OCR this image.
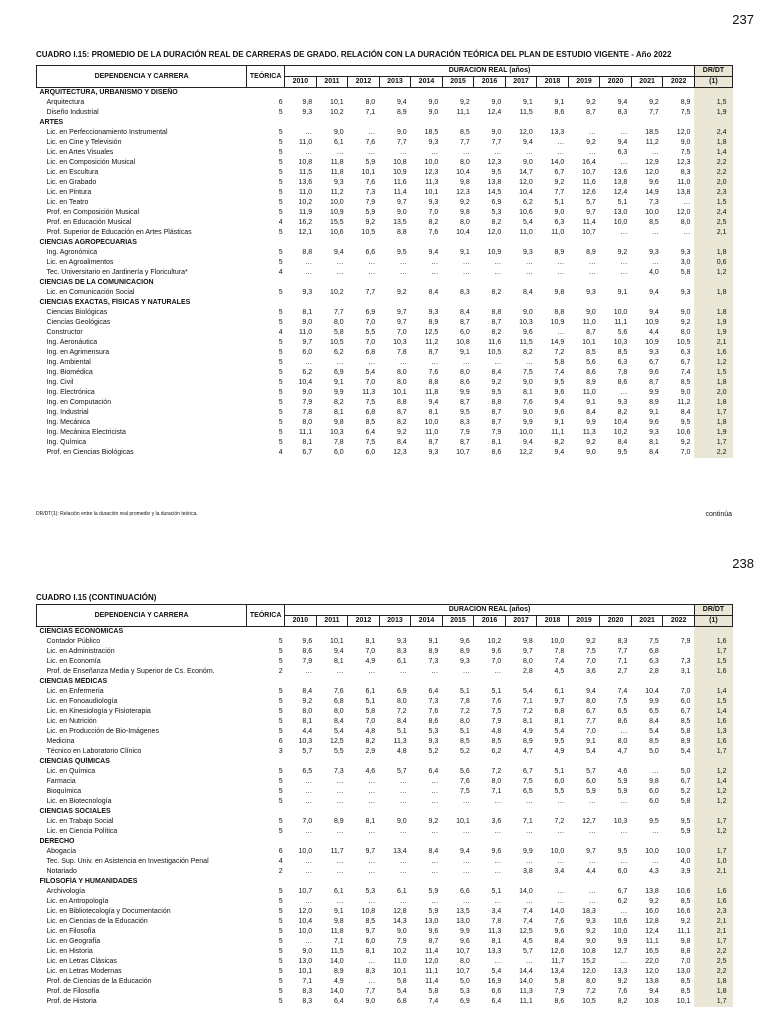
237
CUADRO I.15: PROMEDIO DE LA DURACIÓN REAL DE CARRERAS DE GRADO. RELACIÓN CON LA DURACIÓN TEÓRICA DEL PLAN DE ESTUDIO VIGENTE - Año 2022
DEPENDENCIA Y CARRERA	TEÓRICA	DURACIÓN REAL (años)													DR/DT
		2010	2011	2012	2013	2014	2015	2016	2017	2018	2019	2020	2021	2022	(1)
ARQUITECTURA, URBANISMO Y DISEÑO															
Arquitectura	6	9,8	10,1	8,0	9,4	9,0	9,2	9,0	9,1	9,1	9,2	9,4	9,2	8,9	1,5
Diseño Industrial	5	9,3	10,2	7,1	8,9	9,0	11,1	12,4	11,5	8,6	8,7	8,3	7,7	7,5	1,9
ARTES															
Lic. en Perfeccionamiento Instrumental	5	…	9,0	…	9,0	18,5	8,5	9,0	12,0	13,3	…	…	18,5	12,0	2,4
Lic. en Cine y Televisión	5	11,0	6,1	7,6	7,7	9,3	7,7	7,7	9,4	…	9,2	9,4	11,2	9,0	1,8
Lic. en Artes Visuales	5	…	…	…	…	…	…	…	…	…	…	6,3	…	7,5	1,4
Lic. en Composición Musical	5	10,8	11,8	5,9	10,8	10,0	8,0	12,3	9,0	14,0	16,4	…	12,9	12,3	2,2
Lic. en Escultura	5	11,5	11,8	10,1	10,9	12,3	10,4	9,5	14,7	6,7	10,7	13,6	12,0	8,3	2,2
Lic. en Grabado	5	13,6	9,3	7,6	11,6	11,3	9,8	13,8	12,0	9,2	11,6	13,8	9,6	11,0	2,0
Lic. en Pintura	5	11,0	11,2	7,3	11,4	10,1	12,3	14,5	10,4	7,7	12,6	12,4	14,9	13,8	2,3
Lic. en Teatro	5	10,2	10,0	7,9	9,7	9,3	9,2	6,9	6,2	5,1	5,7	5,1	7,3	…	1,5
Prof. en Composición Musical	5	11,9	10,9	5,9	9,0	7,0	9,8	5,3	10,6	9,0	9,7	13,0	10,0	12,0	2,4
Prof. en Educación Musical	4	16,2	15,5	9,2	13,5	8,2	8,0	8,2	5,4	6,3	11,4	10,0	8,5	8,0	2,5
Prof. Superior de Educación en Artes Plásticas	5	12,1	10,6	10,5	8,8	7,6	10,4	12,0	11,0	11,0	10,7	…	…	…	2,1
CIENCIAS AGROPECUARIAS															
Ing. Agronómica	5	8,8	9,4	6,6	9,5	9,4	9,1	10,9	9,3	8,9	8,9	9,2	9,3	9,3	1,8
Lic. en Agroalimentos	5	…	…	…	…	…	…	…	…	…	…	…	…	3,0	0,6
Tec. Universitario en Jardinería y Floricultura*	4	…	…	…	…	…	…	…	…	…	…	…	4,0	5,8	1,2
CIENCIAS DE LA COMUNICACIÓN															
Lic. en Comunicación Social	5	9,3	10,2	7,7	9,2	8,4	8,3	8,2	8,4	9,8	9,3	9,1	9,4	9,3	1,8
CIENCIAS EXACTAS, FÍSICAS Y NATURALES															
Ciencias Biológicas	5	8,1	7,7	6,9	9,7	9,3	8,4	8,8	9,0	8,8	9,0	10,0	9,4	9,0	1,8
Ciencias Geológicas	5	9,0	8,0	7,0	9,7	8,9	8,7	8,7	10,3	10,9	11,0	11,1	10,9	9,2	1,9
Constructor	4	11,0	5,8	5,5	7,0	12,5	6,0	8,2	9,6	…	8,7	5,6	4,4	8,0	1,9
Ing. Aeronáutica	5	9,7	10,5	7,0	10,3	11,2	10,8	11,6	11,5	14,9	10,1	10,3	10,9	10,5	2,1
Ing. en Agrimensura	5	6,0	6,2	6,8	7,8	8,7	9,1	10,5	8,2	7,2	8,5	8,5	9,3	6,3	1,6
Ing. Ambiental	5	…	…	…	…	…	…	…	…	5,8	5,6	6,3	6,7	6,7	1,2
Ing. Biomédica	5	6,2	6,9	5,4	8,0	7,6	8,0	8,4	7,5	7,4	8,6	7,8	9,6	7,4	1,5
Ing. Civil	5	10,4	9,1	7,0	8,0	8,8	8,6	9,2	9,0	9,5	8,9	8,6	8,7	8,5	1,8
Ing. Electrónica	5	9,0	9,9	11,3	10,1	11,8	9,9	9,5	8,1	9,6	11,0	…	9,9	9,0	2,0
Ing. en Computación	5	7,9	8,2	7,5	8,8	9,4	8,7	8,8	7,6	9,4	9,1	9,3	8,9	11,2	1,8
Ing. Industrial	5	7,8	8,1	6,8	8,7	8,1	9,5	8,7	9,0	9,6	8,4	8,2	9,1	8,4	1,7
Ing. Mecánica	5	8,0	9,8	8,5	8,2	10,0	8,3	8,7	9,9	9,1	9,9	10,4	9,6	9,5	1,8
Ing. Mecánica Electricista	5	11,1	10,3	6,4	9,2	11,0	7,9	7,9	10,0	11,1	11,3	10,2	9,3	10,6	1,9
Ing. Química	5	8,1	7,8	7,5	8,4	8,7	8,7	8,1	9,4	8,2	9,2	8,4	8,1	9,2	1,7
Prof. en Ciencias Biológicas	4	6,7	6,0	6,0	12,3	9,3	10,7	8,6	12,2	9,4	9,0	9,5	8,4	7,0	2,2
DR/DT(1): Relación entre la duración real promedio y la duración teórica.	continúa
238
CUADRO I.15 (CONTINUACIÓN)
DEPENDENCIA Y CARRERA	TEÓRICA	DURACIÓN REAL (años)													DR/DT
		2010	2011	2012	2013	2014	2015	2016	2017	2018	2019	2020	2021	2022	(1)
CIENCIAS ECONÓMICAS															
Contador Público	5	9,6	10,1	8,1	9,3	9,1	9,6	10,2	9,8	10,0	9,2	8,3	7,5	7,9	1,6
Lic. en Administración	5	8,6	9,4	7,0	8,3	8,9	8,9	9,6	9,7	7,8	7,5	7,7	6,8		1,7
Lic. en Economía	5	7,9	8,1	4,9	6,1	7,3	9,3	7,0	8,0	7,4	7,0	7,1	6,3	7,3	1,5
Prof. de Enseñanza Media y Superior de Cs. Económ.	2	…	…	…	…	…	…	…	2,8	4,5	3,6	2,7	2,8	3,1	1,6
CIENCIAS MÉDICAS															
Lic. en Enfermería	5	8,4	7,6	6,1	6,9	6,4	5,1	5,1	5,4	6,1	9,4	7,4	10,4	7,0	1,4
Lic. en Fonoaudiología	5	9,2	6,8	5,1	8,0	7,3	7,8	7,6	7,1	9,7	8,0	7,5	9,9	6,0	1,5
Lic. en Kinesiología y Fisioterapia	5	8,0	8,0	5,8	7,2	7,6	7,2	7,5	7,2	6,8	6,7	6,5	6,5	6,7	1,4
Lic. en Nutrición	5	8,1	8,4	7,0	8,4	8,6	8,0	7,9	8,1	8,1	7,7	8,6	8,4	8,5	1,6
Lic. en Producción de Bio-Imágenes	5	4,4	5,4	4,8	5,1	5,3	5,1	4,8	4,9	5,4	7,0	…	5,4	5,8	1,3
Medicina	6	10,3	12,5	8,2	11,3	9,3	8,5	8,5	8,9	9,5	9,1	8,0	8,5	8,9	1,6
Técnico en Laboratorio Clínico	3	5,7	5,5	2,9	4,8	5,2	5,2	6,2	4,7	4,9	5,4	4,7	5,0	5,4	1,7
CIENCIAS QUÍMICAS															
Lic. en Química	5	6,5	7,3	4,6	5,7	6,4	5,6	7,2	6,7	5,1	5,7	4,6	…	5,0	1,2
Farmacia	5	…	…	…	…	…	7,6	8,0	7,5	6,0	6,0	5,9	9,8	6,7	1,4
Bioquímica	5	…	…	…	…	…	7,5	7,1	6,5	5,5	5,9	5,9	6,0	5,2	1,2
Lic. en Biotecnología	5	…	…	…	…	…	…	…	…	…	…	…	6,0	5,8	1,2
CIENCIAS SOCIALES															
Lic. en Trabajo Social	5	7,0	8,9	8,1	9,0	9,2	10,1	3,6	7,1	7,2	12,7	10,3	9,5	9,5	1,7
Lic. en Ciencia Política	5	…	…	…	…	…	…	…	…	…	…	…	…	5,9	1,2
DERECHO															
Abogacía	6	10,0	11,7	9,7	13,4	8,4	9,4	9,6	9,9	10,0	9,7	9,5	10,0	10,0	1,7
Tec. Sup. Univ. en Asistencia en Investigación Penal	4	…	…	…	…	…	…	…	…	…	…	…	…	4,0	1,0
Notariado	2	…	…	…	…	…	…	…	3,8	3,4	4,4	6,0	4,3	3,9	2,1
FILOSOFÍA Y HUMANIDADES															
Archivología	5	10,7	6,1	5,3	6,1	5,9	6,6	5,1	14,0	…	…	6,7	13,8	10,6	1,6
Lic. en Antropología	5	…	…	…	…	…	…	…	…	…	…	6,2	9,2	8,5	1,6
Lic. en Bibliotecología y Documentación	5	12,0	9,1	10,8	12,8	5,9	13,5	3,4	7,4	14,0	18,3	…	16,0	16,6	2,3
Lic. en Ciencias de la Educación	5	10,4	9,8	8,5	14,3	13,0	13,0	7,8	7,4	7,6	9,3	10,6	12,8	9,2	2,1
Lic. en Filosofía	5	10,0	11,8	9,7	9,0	9,6	9,9	11,3	12,5	9,6	9,2	10,0	12,4	11,1	2,1
Lic. en Geografía	5	…	7,1	6,0	7,9	8,7	9,6	8,1	4,5	8,4	9,0	9,9	11,1	9,8	1,7
Lic. en Historia	5	9,0	11,5	8,1	10,2	11,4	10,7	13,3	5,7	12,6	10,8	12,7	16,5	8,8	2,2
Lic. en Letras Clásicas	5	13,0	14,0	…	11,0	12,0	8,0	…	…	11,7	15,2	…	22,0	7,0	2,5
Lic. en Letras Modernas	5	10,1	8,9	8,3	10,1	11,1	10,7	5,4	14,4	13,4	12,0	13,3	12,0	13,0	2,2
Prof. de Ciencias de la Educación	5	7,1	4,9	…	5,8	11,4	5,0	16,9	14,0	5,8	8,0	9,2	13,8	8,5	1,8
Prof. de Filosofía	5	8,3	14,0	7,7	5,4	5,8	5,3	6,6	11,3	7,9	7,2	7,6	9,4	8,5	1,8
Prof. de Historia	5	8,3	6,4	9,0	6,8	7,4	6,9	6,4	11,1	8,6	10,5	8,2	10,8	10,1	1,7
